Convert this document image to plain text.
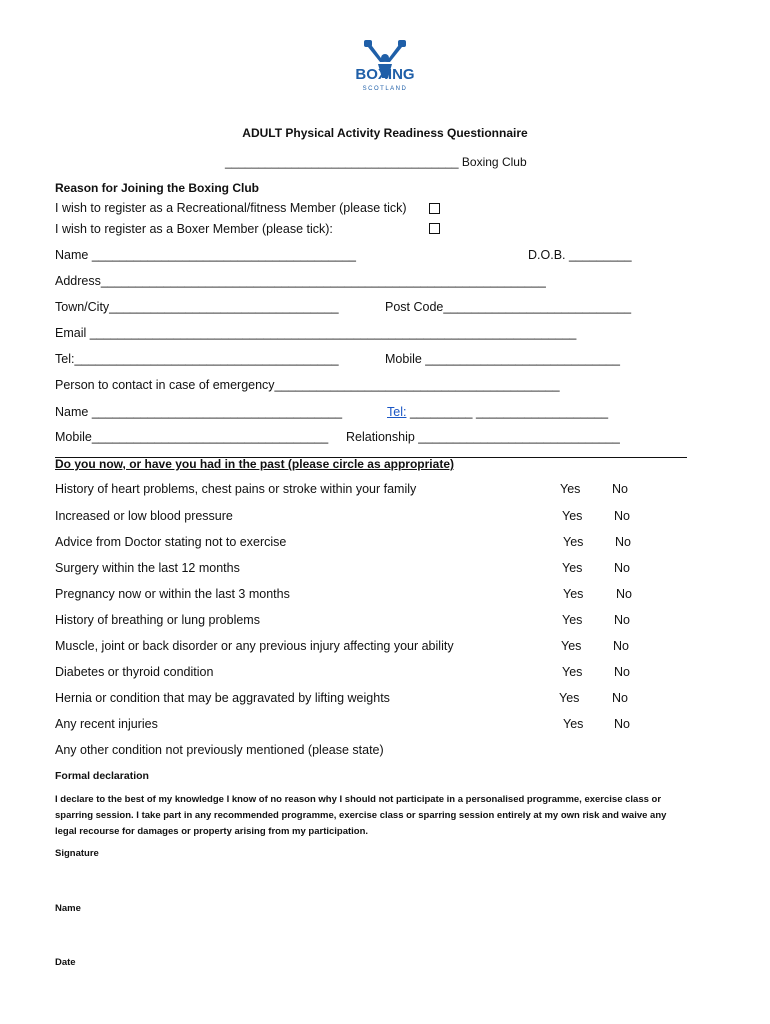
BOXING
SCOTLAND
ADULT Physical Activity Readiness Questionnaire
___________________________________ Boxing Club
Reason for Joining the Boxing Club
I wish to register as a Recreational/fitness Member (please tick)
I wish to register as a Boxer Member (please tick):
Name ______________________________________	D.O.B. _________
Address________________________________________________________________
Town/City_________________________________	Post Code___________________________
Email ______________________________________________________________________
Tel:______________________________________	Mobile ____________________________
Person to contact in case of emergency_________________________________________
Name ____________________________________	Tel: _________ ___________________
Mobile__________________________________ Relationship _____________________________
Do you now, or have you had in the past (please circle as appropriate)
History of heart problems, chest pains or stroke within your family	Yes	No
Increased or low blood pressure	Yes	No
Advice from Doctor stating not to exercise	Yes	No
Surgery within the last 12 months	Yes	No
Pregnancy now or within the last 3 months	Yes	No
History of breathing or lung problems	Yes	No
Muscle, joint or back disorder or any previous injury affecting your ability	Yes	No
Diabetes or thyroid condition	Yes	No
Hernia or condition that may be aggravated by lifting weights	Yes	No
Any recent injuries	Yes No
Any other condition not previously mentioned (please state)
Formal declaration
I declare to the best of my knowledge I know of no reason why I should not participate in a personalised programme, exercise class or
sparring session. I take part in any recommended programme, exercise class or sparring session entirely at my own risk and waive any
legal recourse for damages or property arising from my participation.
Signature
Name
Date
